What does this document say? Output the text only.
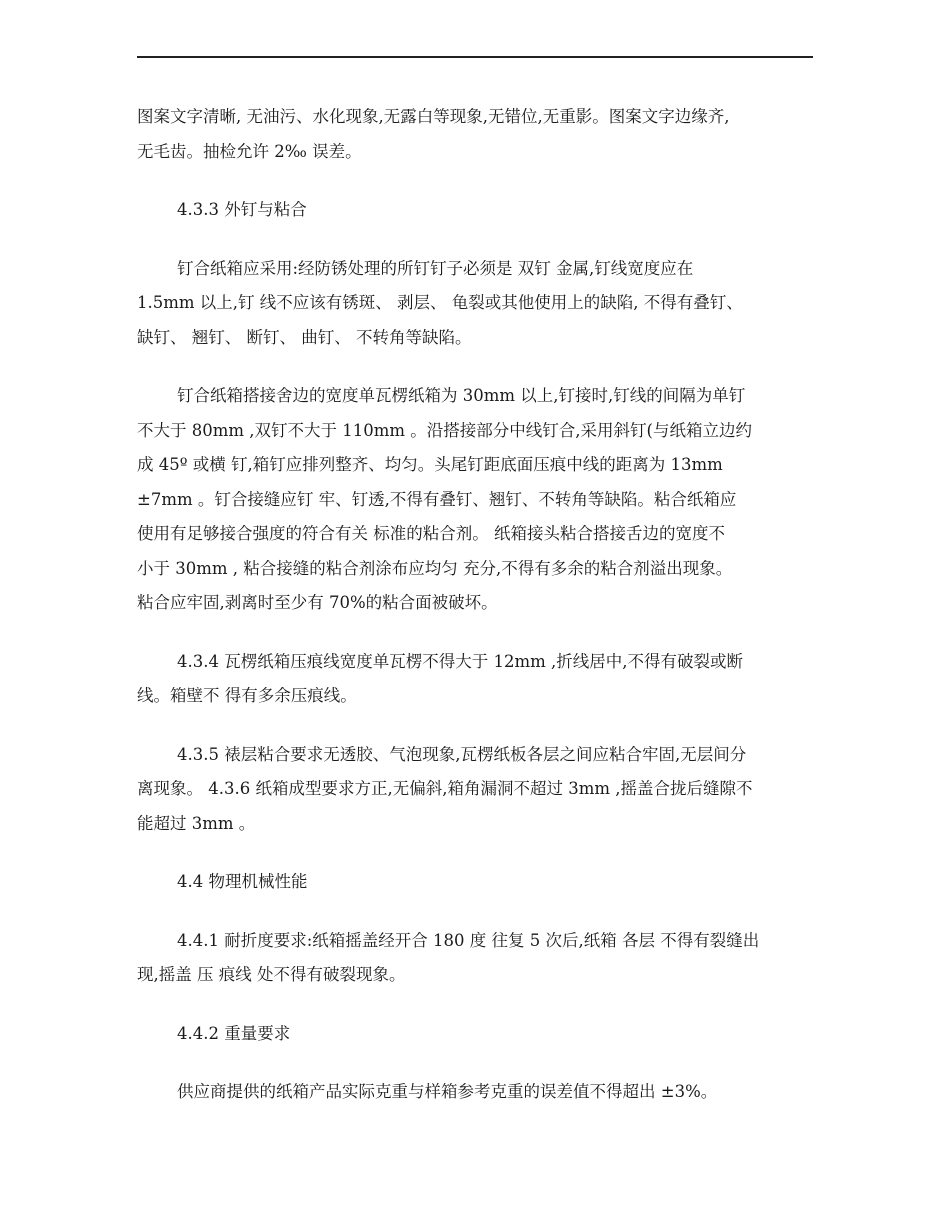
图案文字清晰, 无油污、水化现象,无露白等现象,无错位,无重影。图案文字边缘齐,
无毛齿。抽检允许 2‰ 误差。

4.3.3 外钉与粘合

钉合纸箱应采用:经防锈处理的所钉钉子必须是 双钉 金属,钉线宽度应在
1.5mm 以上,钉 线不应该有锈斑、 剥层、 龟裂或其他使用上的缺陷, 不得有叠钉、
缺钉、 翘钉、 断钉、 曲钉、 不转角等缺陷。

钉合纸箱搭接舍边的宽度单瓦楞纸箱为 30mm 以上,钉接时,钉线的间隔为单钉
不大于 80mm ,双钉不大于 110mm 。沿搭接部分中线钉合,采用斜钉(与纸箱立边约
成 45º 或横 钉,箱钉应排列整齐、均匀。头尾钉距底面压痕中线的距离为 13mm
±7mm 。钉合接缝应钉 牢、钉透,不得有叠钉、翘钉、不转角等缺陷。粘合纸箱应
使用有足够接合强度的符合有关 标准的粘合剂。 纸箱接头粘合搭接舌边的宽度不
小于 30mm , 粘合接缝的粘合剂涂布应均匀 充分,不得有多余的粘合剂溢出现象。
粘合应牢固,剥离时至少有 70%的粘合面被破坏。

4.3.4 瓦楞纸箱压痕线宽度单瓦楞不得大于 12mm ,折线居中,不得有破裂或断
线。箱壁不 得有多余压痕线。

4.3.5 裱层粘合要求无透胶、气泡现象,瓦楞纸板各层之间应粘合牢固,无层间分
离现象。 4.3.6 纸箱成型要求方正,无偏斜,箱角漏洞不超过 3mm ,摇盖合拢后缝隙不
能超过 3mm 。

4.4 物理机械性能

4.4.1 耐折度要求:纸箱摇盖经开合 180 度 往复 5 次后,纸箱 各层 不得有裂缝出
现,摇盖 压 痕线 处不得有破裂现象。

4.4.2 重量要求

供应商提供的纸箱产品实际克重与样箱参考克重的误差值不得超出 ±3%。
